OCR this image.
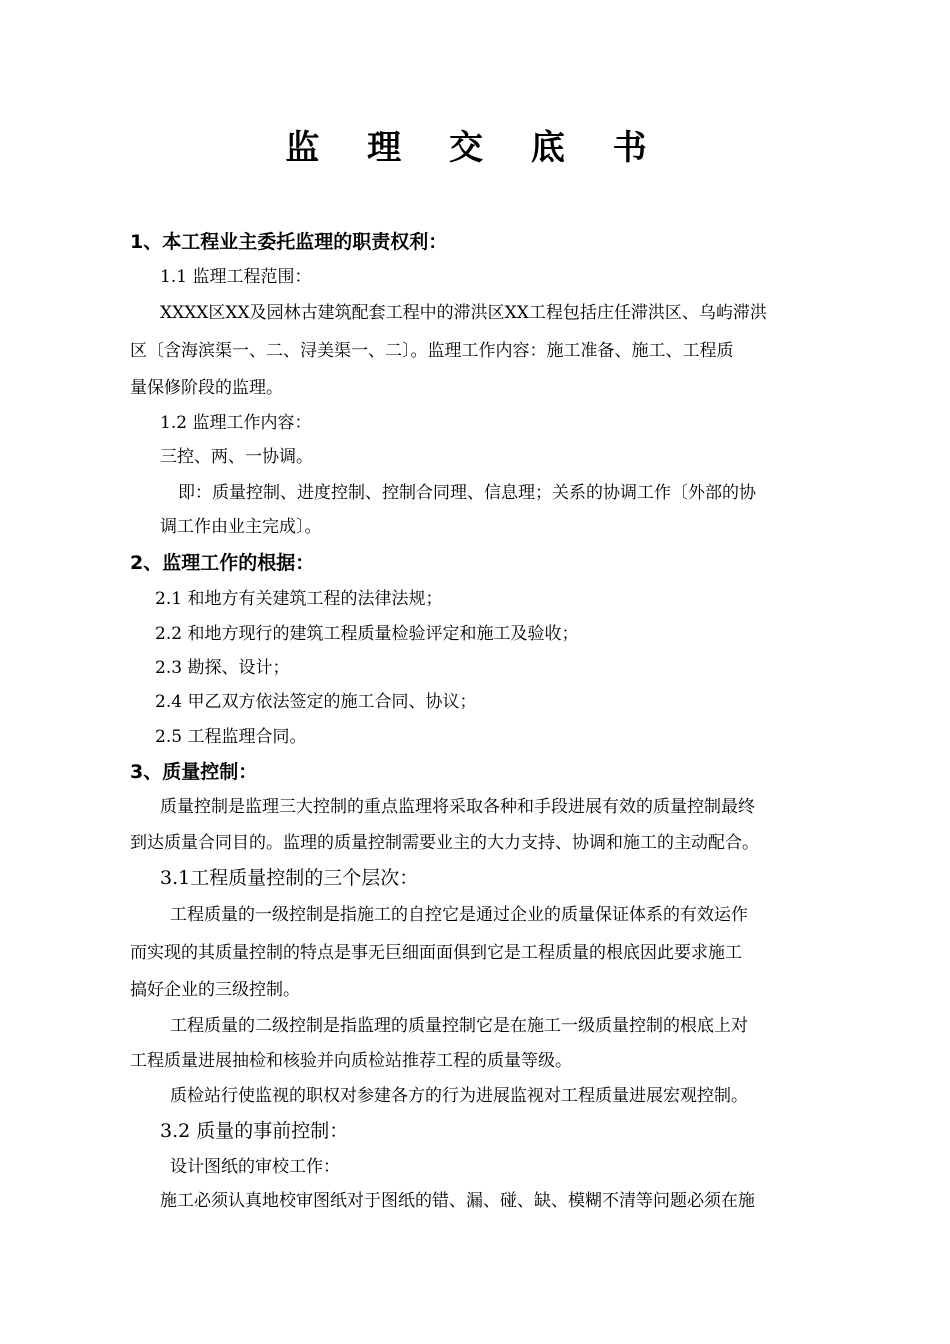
监 理 交 底 书
1、本工程业主委托监理的职责权利：
1.1 监理工程范围：
XXXX区XX及园林古建筑配套工程中的滞洪区XX工程包括庄任滞洪区、乌屿滞洪
区〔含海滨渠一、二、浔美渠一、二〕。监理工作内容：施工准备、施工、工程质
量保修阶段的监理。
1.2 监理工作内容：
三控、两、一协调。
即：质量控制、进度控制、控制合同理、信息理；关系的协调工作〔外部的协
调工作由业主完成〕。
2、监理工作的根据：
2.1 和地方有关建筑工程的法律法规；
2.2 和地方现行的建筑工程质量检验评定和施工及验收；
2.3 勘探、设计；
2.4 甲乙双方依法签定的施工合同、协议；
2.5 工程监理合同。
3、质量控制：
质量控制是监理三大控制的重点监理将采取各种和手段进展有效的质量控制最终
到达质量合同目的。监理的质量控制需要业主的大力支持、协调和施工的主动配合。
3.1工程质量控制的三个层次：
工程质量的一级控制是指施工的自控它是通过企业的质量保证体系的有效运作
而实现的其质量控制的特点是事无巨细面面俱到它是工程质量的根底因此要求施工
搞好企业的三级控制。
工程质量的二级控制是指监理的质量控制它是在施工一级质量控制的根底上对
工程质量进展抽检和核验并向质检站推荐工程的质量等级。
质检站行使监视的职权对参建各方的行为进展监视对工程质量进展宏观控制。
3.2 质量的事前控制：
设计图纸的审校工作：
施工必须认真地校审图纸对于图纸的错、漏、碰、缺、模糊不清等问题必须在施
